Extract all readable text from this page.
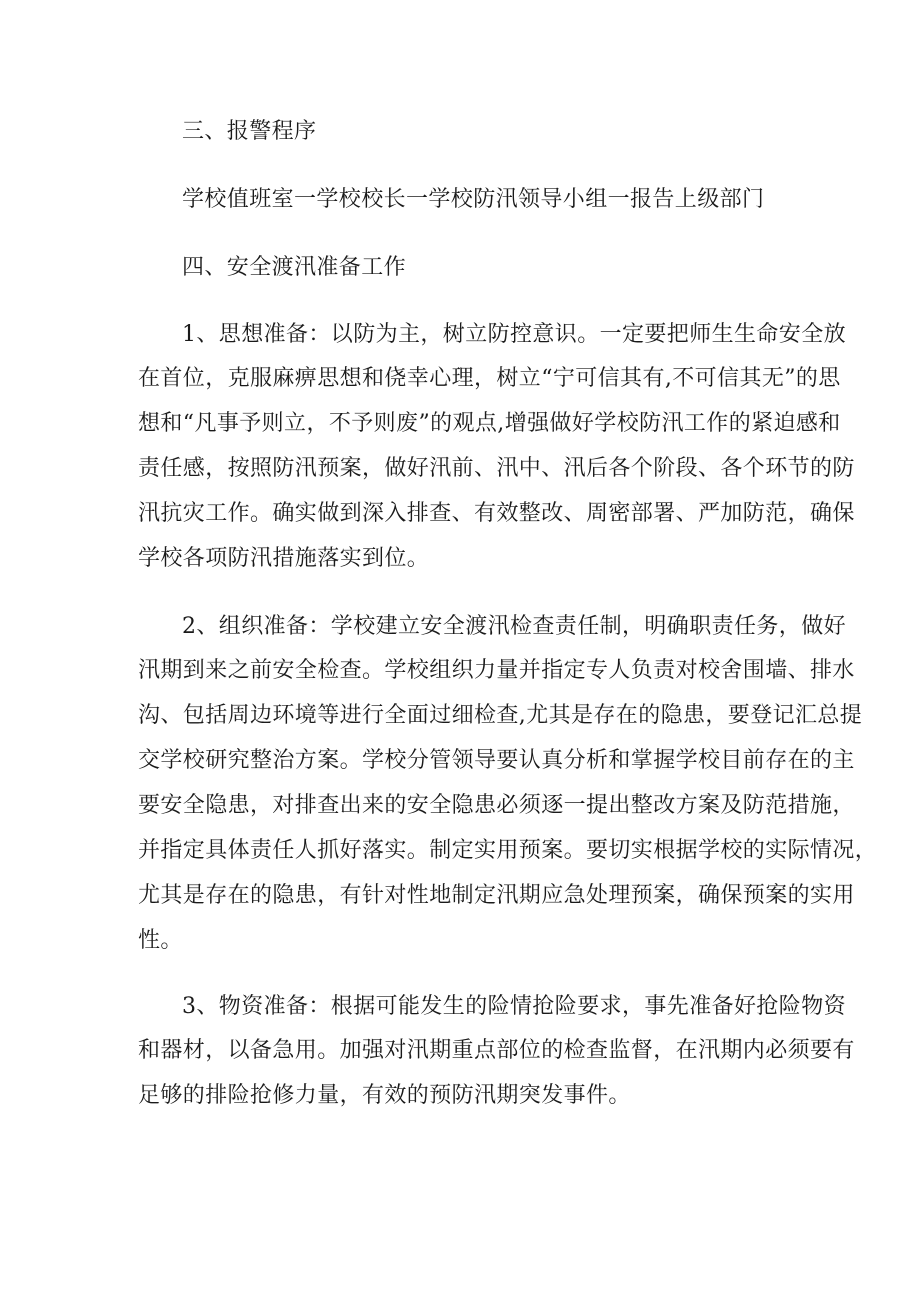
三、报警程序
学校值班室一学校校长一学校防汛领导小组一报告上级部门
四、安全渡汛准备工作
1、思想准备：以防为主，树立防控意识。一定要把师生生命安全放
在首位，克服麻痹思想和侥幸心理，树立“宁可信其有,不可信其无”的思
想和“凡事予则立，不予则废”的观点,增强做好学校防汛工作的紧迫感和
责任感，按照防汛预案，做好汛前、汛中、汛后各个阶段、各个环节的防
汛抗灾工作。确实做到深入排查、有效整改、周密部署、严加防范，确保
学校各项防汛措施落实到位。
2、组织准备：学校建立安全渡汛检查责任制，明确职责任务，做好
汛期到来之前安全检查。学校组织力量并指定专人负责对校舍围墙、排水
沟、包括周边环境等进行全面过细检查,尤其是存在的隐患，要登记汇总提
交学校研究整治方案。学校分管领导要认真分析和掌握学校目前存在的主
要安全隐患，对排查出来的安全隐患必须逐一提出整改方案及防范措施，
并指定具体责任人抓好落实。制定实用预案。要切实根据学校的实际情况，
尤其是存在的隐患，有针对性地制定汛期应急处理预案，确保预案的实用
性。
3、物资准备：根据可能发生的险情抢险要求，事先准备好抢险物资
和器材，以备急用。加强对汛期重点部位的检查监督，在汛期内必须要有
足够的排险抢修力量，有效的预防汛期突发事件。
